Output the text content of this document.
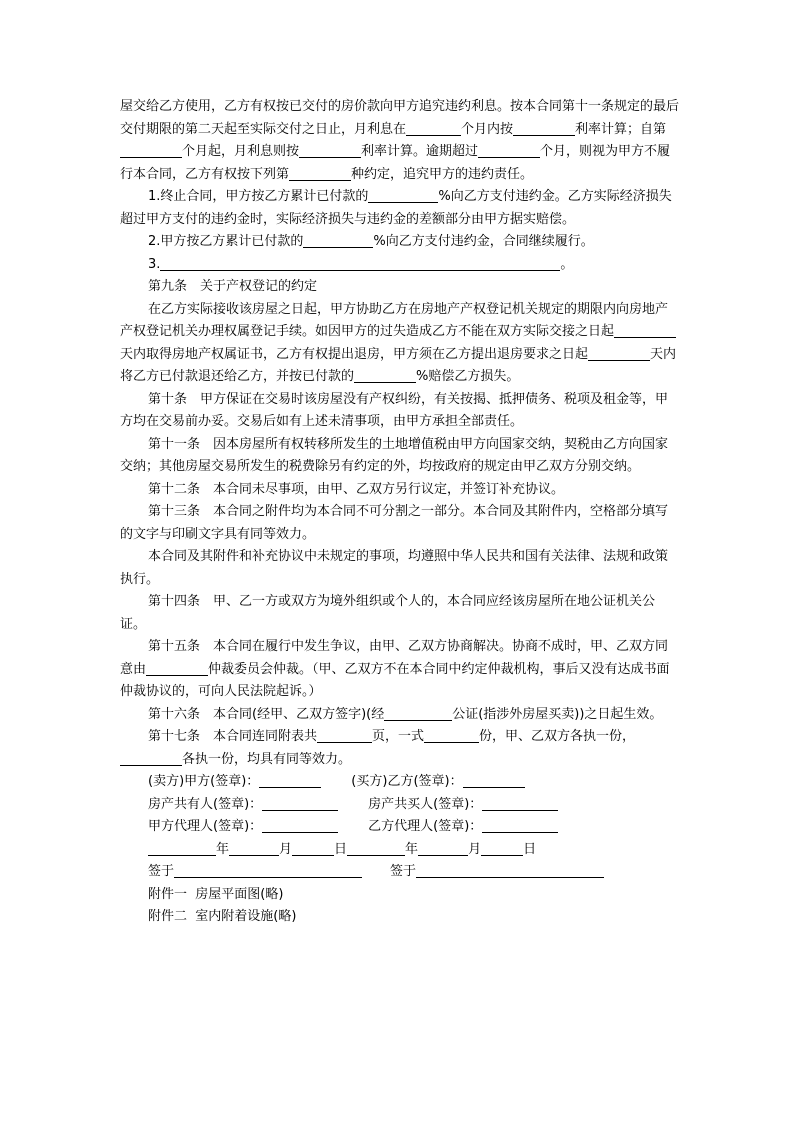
屋交给乙方使用，乙方有权按已交付的房价款向甲方追究违约利息。按本合同第十一条规定的最后交付期限的第二天起至实际交付之日止，月利息在	个月内按	利率计算；自第个月起，月利息则按	利率计算。逾期超过	个月，则视为甲方不履行本合同，乙方有权按下列第	种约定，追究甲方的违约责任。

1.终止合同，甲方按乙方累计已付款的	%向乙方支付违约金。乙方实际经济损失超过甲方支付的违约金时，实际经济损失与违约金的差额部分由甲方据实赔偿。

2.甲方按乙方累计已付款的	%向乙方支付违约金，合同继续履行。

3.	。

第九条　关于产权登记的约定

在乙方实际接收该房屋之日起，甲方协助乙方在房地产产权登记机关规定的期限内向房地产产权登记机关办理权属登记手续。如因甲方的过失造成乙方不能在双方实际交接之日起天内取得房地产权属证书，乙方有权提出退房，甲方须在乙方提出退房要求之日起	天内将乙方已付款退还给乙方，并按已付款的	%赔偿乙方损失。

第十条　甲方保证在交易时该房屋没有产权纠纷，有关按揭、抵押债务、税项及租金等，甲方均在交易前办妥。交易后如有上述未清事项，由甲方承担全部责任。

第十一条　因本房屋所有权转移所发生的土地增值税由甲方向国家交纳，契税由乙方向国家交纳；其他房屋交易所发生的税费除另有约定的外，均按政府的规定由甲乙双方分别交纳。

第十二条　本合同未尽事项，由甲、乙双方另行议定，并签订补充协议。

第十三条　本合同之附件均为本合同不可分割之一部分。本合同及其附件内，空格部分填写的文字与印刷文字具有同等效力。

本合同及其附件和补充协议中未规定的事项，均遵照中华人民共和国有关法律、法规和政策执行。

第十四条　甲、乙一方或双方为境外组织或个人的，本合同应经该房屋所在地公证机关公证。

第十五条　本合同在履行中发生争议，由甲、乙双方协商解决。协商不成时，甲、乙双方同意由	仲裁委员会仲裁。（甲、乙双方不在本合同中约定仲裁机构，事后又没有达成书面仲裁协议的，可向人民法院起诉。）

第十六条　本合同(经甲、乙双方签字)(经	公证(指涉外房屋买卖))之日起生效。

第十七条　本合同连同附表共	页，一式	份，甲、乙双方各执一份，各执一份，均具有同等效力。

(卖方)甲方(签章)：	(买方)乙方(签章)：
房产共有人(签章)：	房产共买人(签章)：
甲方代理人(签章)：	乙方代理人(签章)：
年	月	日	年	月	日
签于	签于
附件一  房屋平面图(略)
附件二  室内附着设施(略)
